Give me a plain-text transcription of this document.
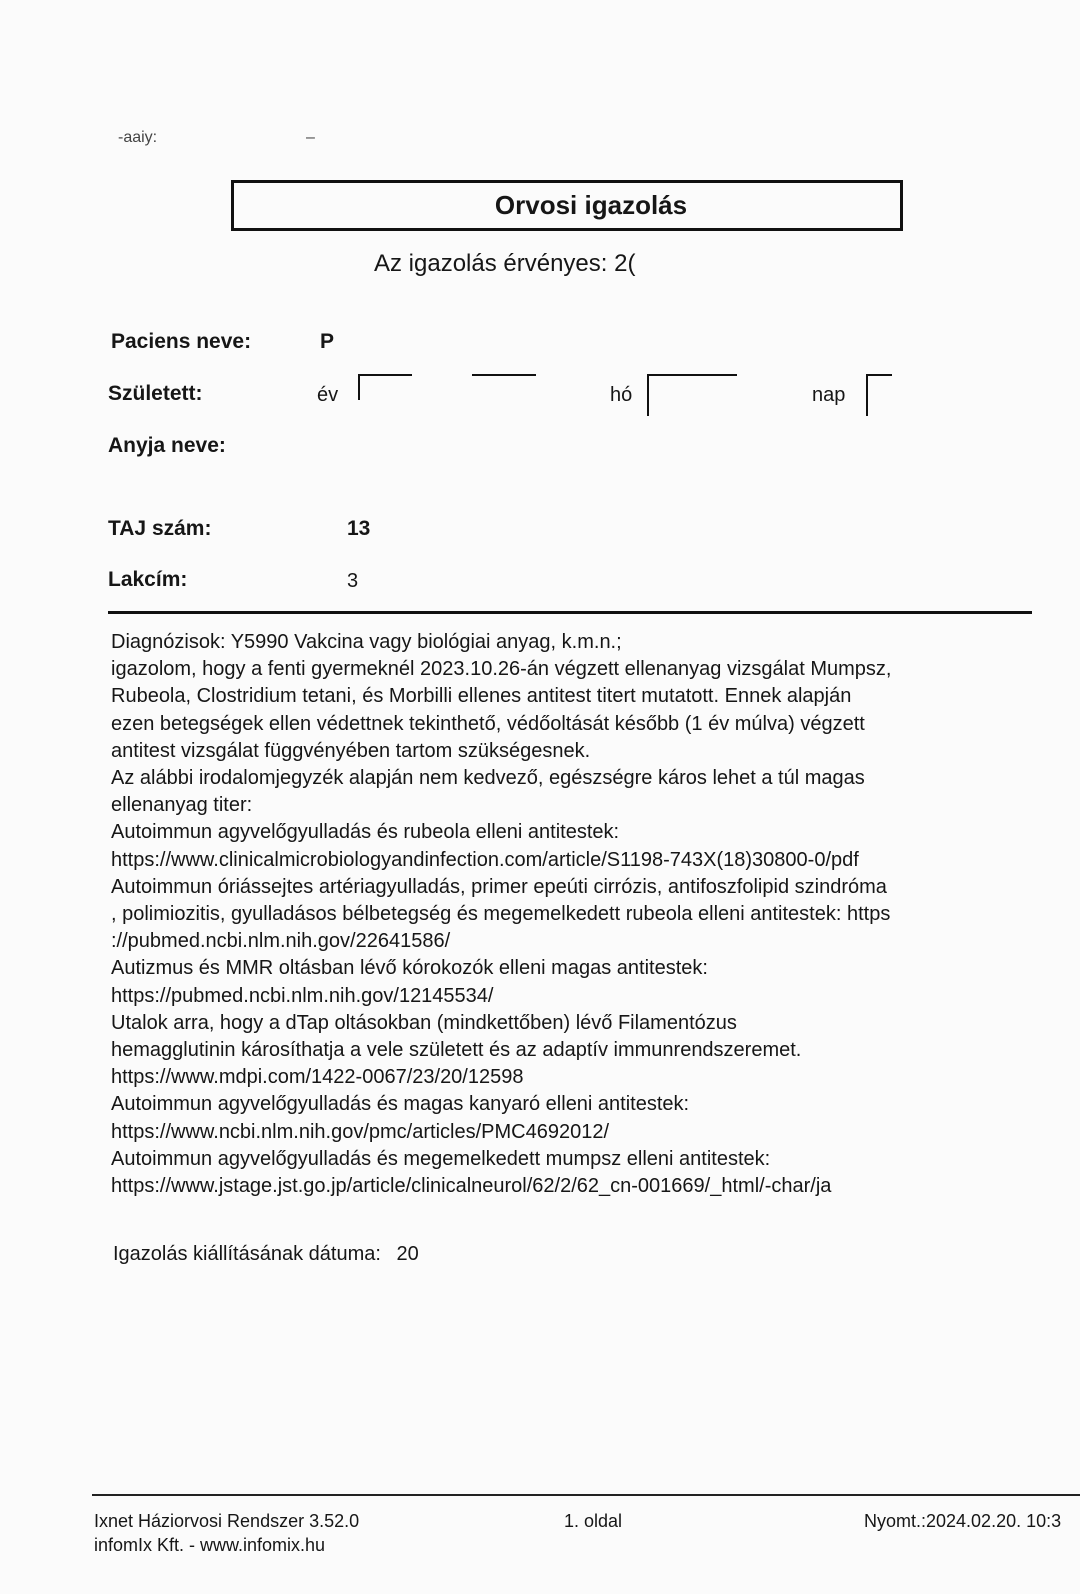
-aaiy:	–
Orvosi igazolás
Az igazolás érvényes: 2(
Paciens neve:	P
Született:	év	hó	nap
Anyja neve:
TAJ szám:	13
Lakcím:	3
Diagnózisok: Y5990 Vakcina vagy biológiai anyag, k.m.n.;
igazolom, hogy a fenti gyermeknél 2023.10.26-án végzett ellenanyag vizsgálat Mumpsz,
Rubeola, Clostridium tetani, és Morbilli ellenes antitest titert mutatott. Ennek alapján
ezen betegségek ellen védettnek tekinthető, védőoltását később (1 év múlva) végzett
antitest vizsgálat függvényében tartom szükségesnek.
Az alábbi irodalomjegyzék alapján nem kedvező, egészségre káros lehet a túl magas
ellenanyag titer:
Autoimmun agyvelőgyulladás és rubeola elleni antitestek:
https://www.clinicalmicrobiologyandinfection.com/article/S1198-743X(18)30800-0/pdf
Autoimmun óriássejtes artériagyulladás, primer epeúti cirrózis, antifoszfolipid szindróma
, polimiozitis, gyulladásos bélbetegség és megemelkedett rubeola elleni antitestek: https
://pubmed.ncbi.nlm.nih.gov/22641586/
Autizmus és MMR oltásban lévő kórokozók elleni magas antitestek:
https://pubmed.ncbi.nlm.nih.gov/12145534/
Utalok arra, hogy a dTap oltásokban (mindkettőben) lévő Filamentózus
hemagglutinin károsíthatja a vele született és az adaptív immunrendszeremet.
https://www.mdpi.com/1422-0067/23/20/12598
Autoimmun agyvelőgyulladás és magas kanyaró elleni antitestek:
https://www.ncbi.nlm.nih.gov/pmc/articles/PMC4692012/
Autoimmun agyvelőgyulladás és megemelkedett mumpsz elleni antitestek:
https://www.jstage.jst.go.jp/article/clinicalneurol/62/2/62_cn-001669/_html/-char/ja
Igazolás kiállításának dátuma: 20
Ixnet Háziorvosi Rendszer 3.52.0
infomIx Kft. - www.infomix.hu
1. oldal	Nyomt.:2024.02.20. 10:3
